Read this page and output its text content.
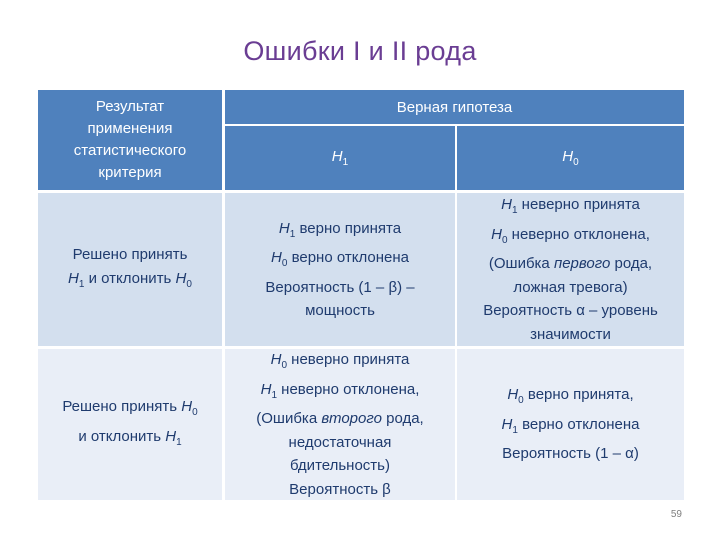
Ошибки I и II рода
Результат
применения
статистического
критерия
Верная гипотеза
$H_1$	$H_0$
Решено принять
$H_1$ и отклонить $H_0$
$H_1$ верно принята
$H_0$ верно отклонена
Вероятность (1 – β) –
мощность
$H_1$ неверно принята
$H_0$ неверно отклонена,
(Ошибка первого рода,
ложная тревога)
Вероятность α – уровень
значимости
Решено принять $H_0$
и отклонить $H_1$
$H_0$ неверно принята
$H_1$ неверно отклонена,
(Ошибка второго рода,
недостаточная
бдительность)
Вероятность β
$H_0$ верно принята,
$H_1$ верно отклонена
Вероятность (1 – α)
59
